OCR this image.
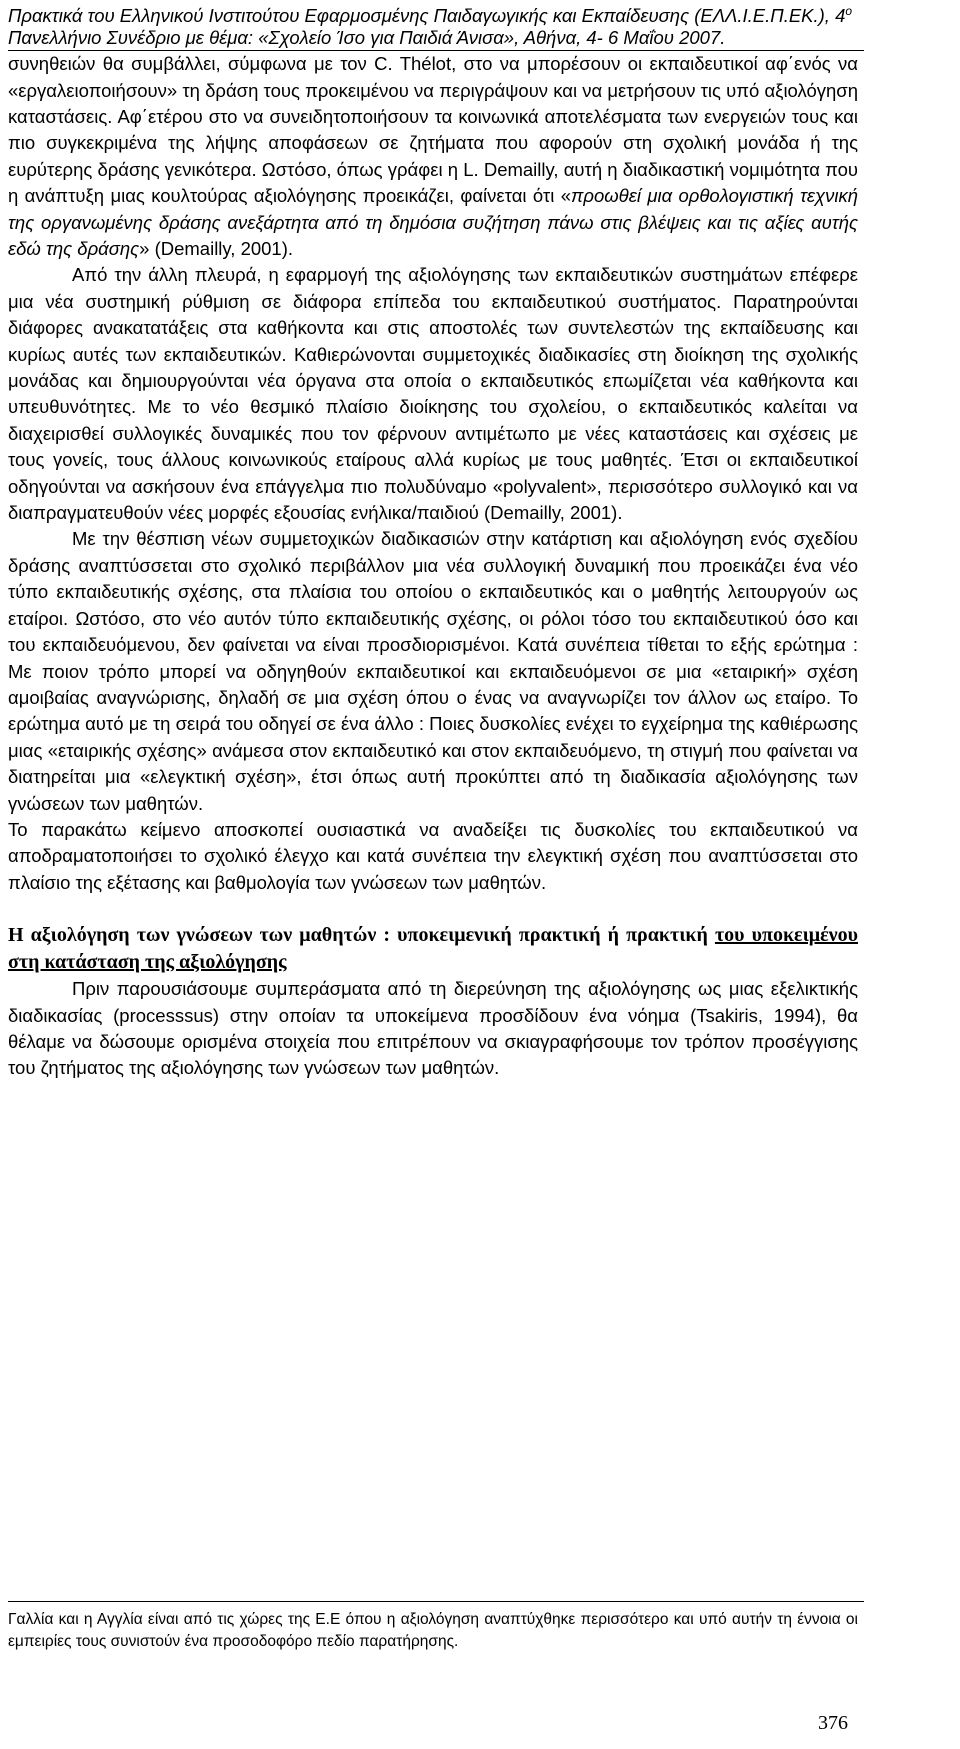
Πρακτικά του Ελληνικού Ινστιτούτου Εφαρμοσμένης Παιδαγωγικής και Εκπαίδευσης (ΕΛΛ.Ι.Ε.Π.ΕΚ.), $4^o$ Πανελλήνιο Συνέδριο με θέμα: «Σχολείο Ίσο για Παιδιά Άνισα», Αθήνα, 4- 6 Μαΐου 2007.

συνηθειών θα συμβάλλει, σύμφωνα με τον C. Thélot, στο να μπορέσουν οι εκπαιδευτικοί αφ΄ενός να «εργαλειοποιήσουν» τη δράση τους προκειμένου να περιγράψουν και να μετρήσουν τις υπό αξιολόγηση καταστάσεις. Αφ΄ετέρου στο να συνειδητοποιήσουν τα κοινωνικά αποτελέσματα των ενεργειών τους και πιο συγκεκριμένα της λήψης αποφάσεων σε ζητήματα που αφορούν στη σχολική μονάδα ή της ευρύτερης δράσης γενικότερα. Ωστόσο, όπως γράφει η L. Demailly, αυτή η διαδικαστική νομιμότητα που η ανάπτυξη μιας κουλτούρας αξιολόγησης προεικάζει, φαίνεται ότι «προωθεί μια ορθολογιστική τεχνική της οργανωμένης δράσης ανεξάρτητα από τη δημόσια συζήτηση πάνω στις βλέψεις και τις αξίες αυτής εδώ της δράσης» (Demailly, 2001).

Από την άλλη πλευρά, η εφαρμογή της αξιολόγησης των εκπαιδευτικών συστημάτων επέφερε μια νέα συστημική ρύθμιση σε διάφορα επίπεδα του εκπαιδευτικού συστήματος. Παρατηρούνται διάφορες ανακατατάξεις στα καθήκοντα και στις αποστολές των συντελεστών της εκπαίδευσης και κυρίως αυτές των εκπαιδευτικών. Καθιερώνονται συμμετοχικές διαδικασίες στη διοίκηση της σχολικής μονάδας και δημιουργούνται νέα όργανα στα οποία ο εκπαιδευτικός επωμίζεται νέα καθήκοντα και υπευθυνότητες. Με το νέο θεσμικό πλαίσιο διοίκησης του σχολείου, ο εκπαιδευτικός καλείται να διαχειρισθεί συλλογικές δυναμικές που τον φέρνουν αντιμέτωπο με νέες καταστάσεις και σχέσεις με τους γονείς, τους άλλους κοινωνικούς εταίρους αλλά κυρίως με τους μαθητές. Έτσι οι εκπαιδευτικοί οδηγούνται να ασκήσουν ένα επάγγελμα πιο πολυδύναμο «polyvalent», περισσότερο συλλογικό και να διαπραγματευθούν νέες μορφές εξουσίας ενήλικα/παιδιού (Demailly, 2001).

Με την θέσπιση νέων συμμετοχικών διαδικασιών στην κατάρτιση και αξιολόγηση ενός σχεδίου δράσης αναπτύσσεται στο σχολικό περιβάλλον μια νέα συλλογική δυναμική που προεικάζει ένα νέο τύπο εκπαιδευτικής σχέσης, στα πλαίσια του οποίου ο εκπαιδευτικός και ο μαθητής λειτουργούν ως εταίροι. Ωστόσο, στο νέο αυτόν τύπο εκπαιδευτικής σχέσης, οι ρόλοι τόσο του εκπαιδευτικού όσο και του εκπαιδευόμενου, δεν φαίνεται να είναι προσδιορισμένοι. Κατά συνέπεια τίθεται το εξής ερώτημα : Με ποιον τρόπο μπορεί να οδηγηθούν εκπαιδευτικοί και εκπαιδευόμενοι σε μια «εταιρική» σχέση αμοιβαίας αναγνώρισης, δηλαδή σε μια σχέση όπου ο ένας να αναγνωρίζει τον άλλον ως εταίρο. Το ερώτημα αυτό με τη σειρά του οδηγεί σε ένα άλλο : Ποιες δυσκολίες ενέχει το εγχείρημα της καθιέρωσης μιας «εταιρικής σχέσης» ανάμεσα στον εκπαιδευτικό και στον εκπαιδευόμενο, τη στιγμή που φαίνεται να διατηρείται μια «ελεγκτική σχέση», έτσι όπως αυτή προκύπτει από τη διαδικασία αξιολόγησης των γνώσεων των μαθητών.

Το παρακάτω κείμενο αποσκοπεί ουσιαστικά να αναδείξει τις δυσκολίες του εκπαιδευτικού να αποδραματοποιήσει το σχολικό έλεγχο και κατά συνέπεια την ελεγκτική σχέση που αναπτύσσεται στο πλαίσιο της εξέτασης και βαθμολογία των γνώσεων των μαθητών.

Η αξιολόγηση των γνώσεων των μαθητών : υποκειμενική πρακτική ή πρακτική του υποκειμένου στη κατάσταση της αξιολόγησης

Πριν παρουσιάσουμε συμπεράσματα από τη διερεύνηση της αξιολόγησης ως μιας εξελικτικής διαδικασίας (processsus) στην οποίαν τα υποκείμενα προσδίδουν ένα νόημα (Tsakiris, 1994), θα θέλαμε να δώσουμε ορισμένα στοιχεία που επιτρέπουν να σκιαγραφήσουμε τον τρόπον προσέγγισης του ζητήματος της αξιολόγησης των γνώσεων των μαθητών.

Γαλλία και η Αγγλία είναι από τις χώρες της Ε.Ε όπου η αξιολόγηση αναπτύχθηκε περισσότερο και υπό αυτήν τη έννοια οι εμπειρίες τους συνιστούν ένα προσοδοφόρο πεδίο παρατήρησης.
376
